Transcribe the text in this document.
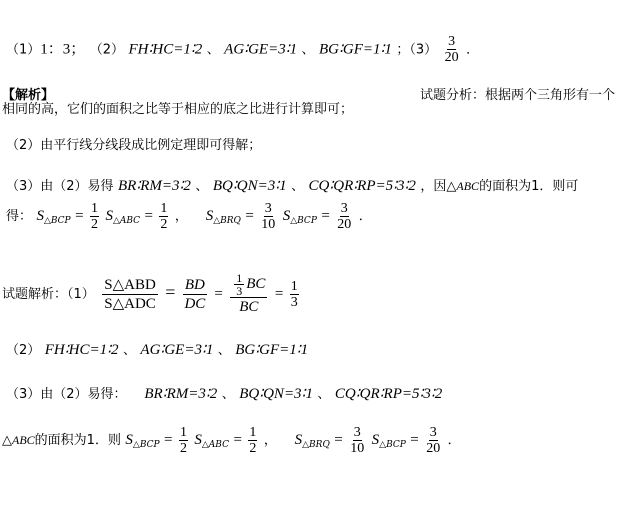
（1）1：3； （2） FH∶HC=1∶2 、 AG∶GE=3∶1 、 BG∶GF=1∶1 ；$(3) \frac{3}{20}$ ．
【解析】	试题分析：根据两个三角形有一个
相同的高，它们的面积之比等于相应的底之比进行计算即可；
（2）由平行线分线段成比例定理即可得解；
（3）由（2）易得 BR∶RM=3∶2 、 BQ∶QN=3∶1 、 CQ∶QR∶RP=5∶3∶2 ，因△ABC的面积为1．则可
得： $S_{\triangle BCP} = \frac{1}{2} S_{\triangle ABC} = \frac{1}{2}$ ， $S_{\triangle BRQ} = \frac{3}{10} S_{\triangle BCP} = \frac{3}{20}$ ．
试题解析：$(1) \frac{\text{S△ABD}}{\text{S△ADC}} = \frac{BD}{DC} = \frac{\frac{1}{3} BC}{BC} = \frac{1}{3}$
（2） FH∶HC=1∶2 、 AG∶GE=3∶1 、 BG∶GF=1∶1
（3）由（2）易得： BR∶RM=3∶2 、 BQ∶QN=3∶1 、 CQ∶QR∶RP=5∶3∶2
△ABC的面积为1．则 $S_{\triangle BCP} = \frac{1}{2} S_{\triangle ABC} = \frac{1}{2}$ ， $S_{\triangle BRQ} = \frac{3}{10} S_{\triangle BCP} = \frac{3}{20}$ ．
